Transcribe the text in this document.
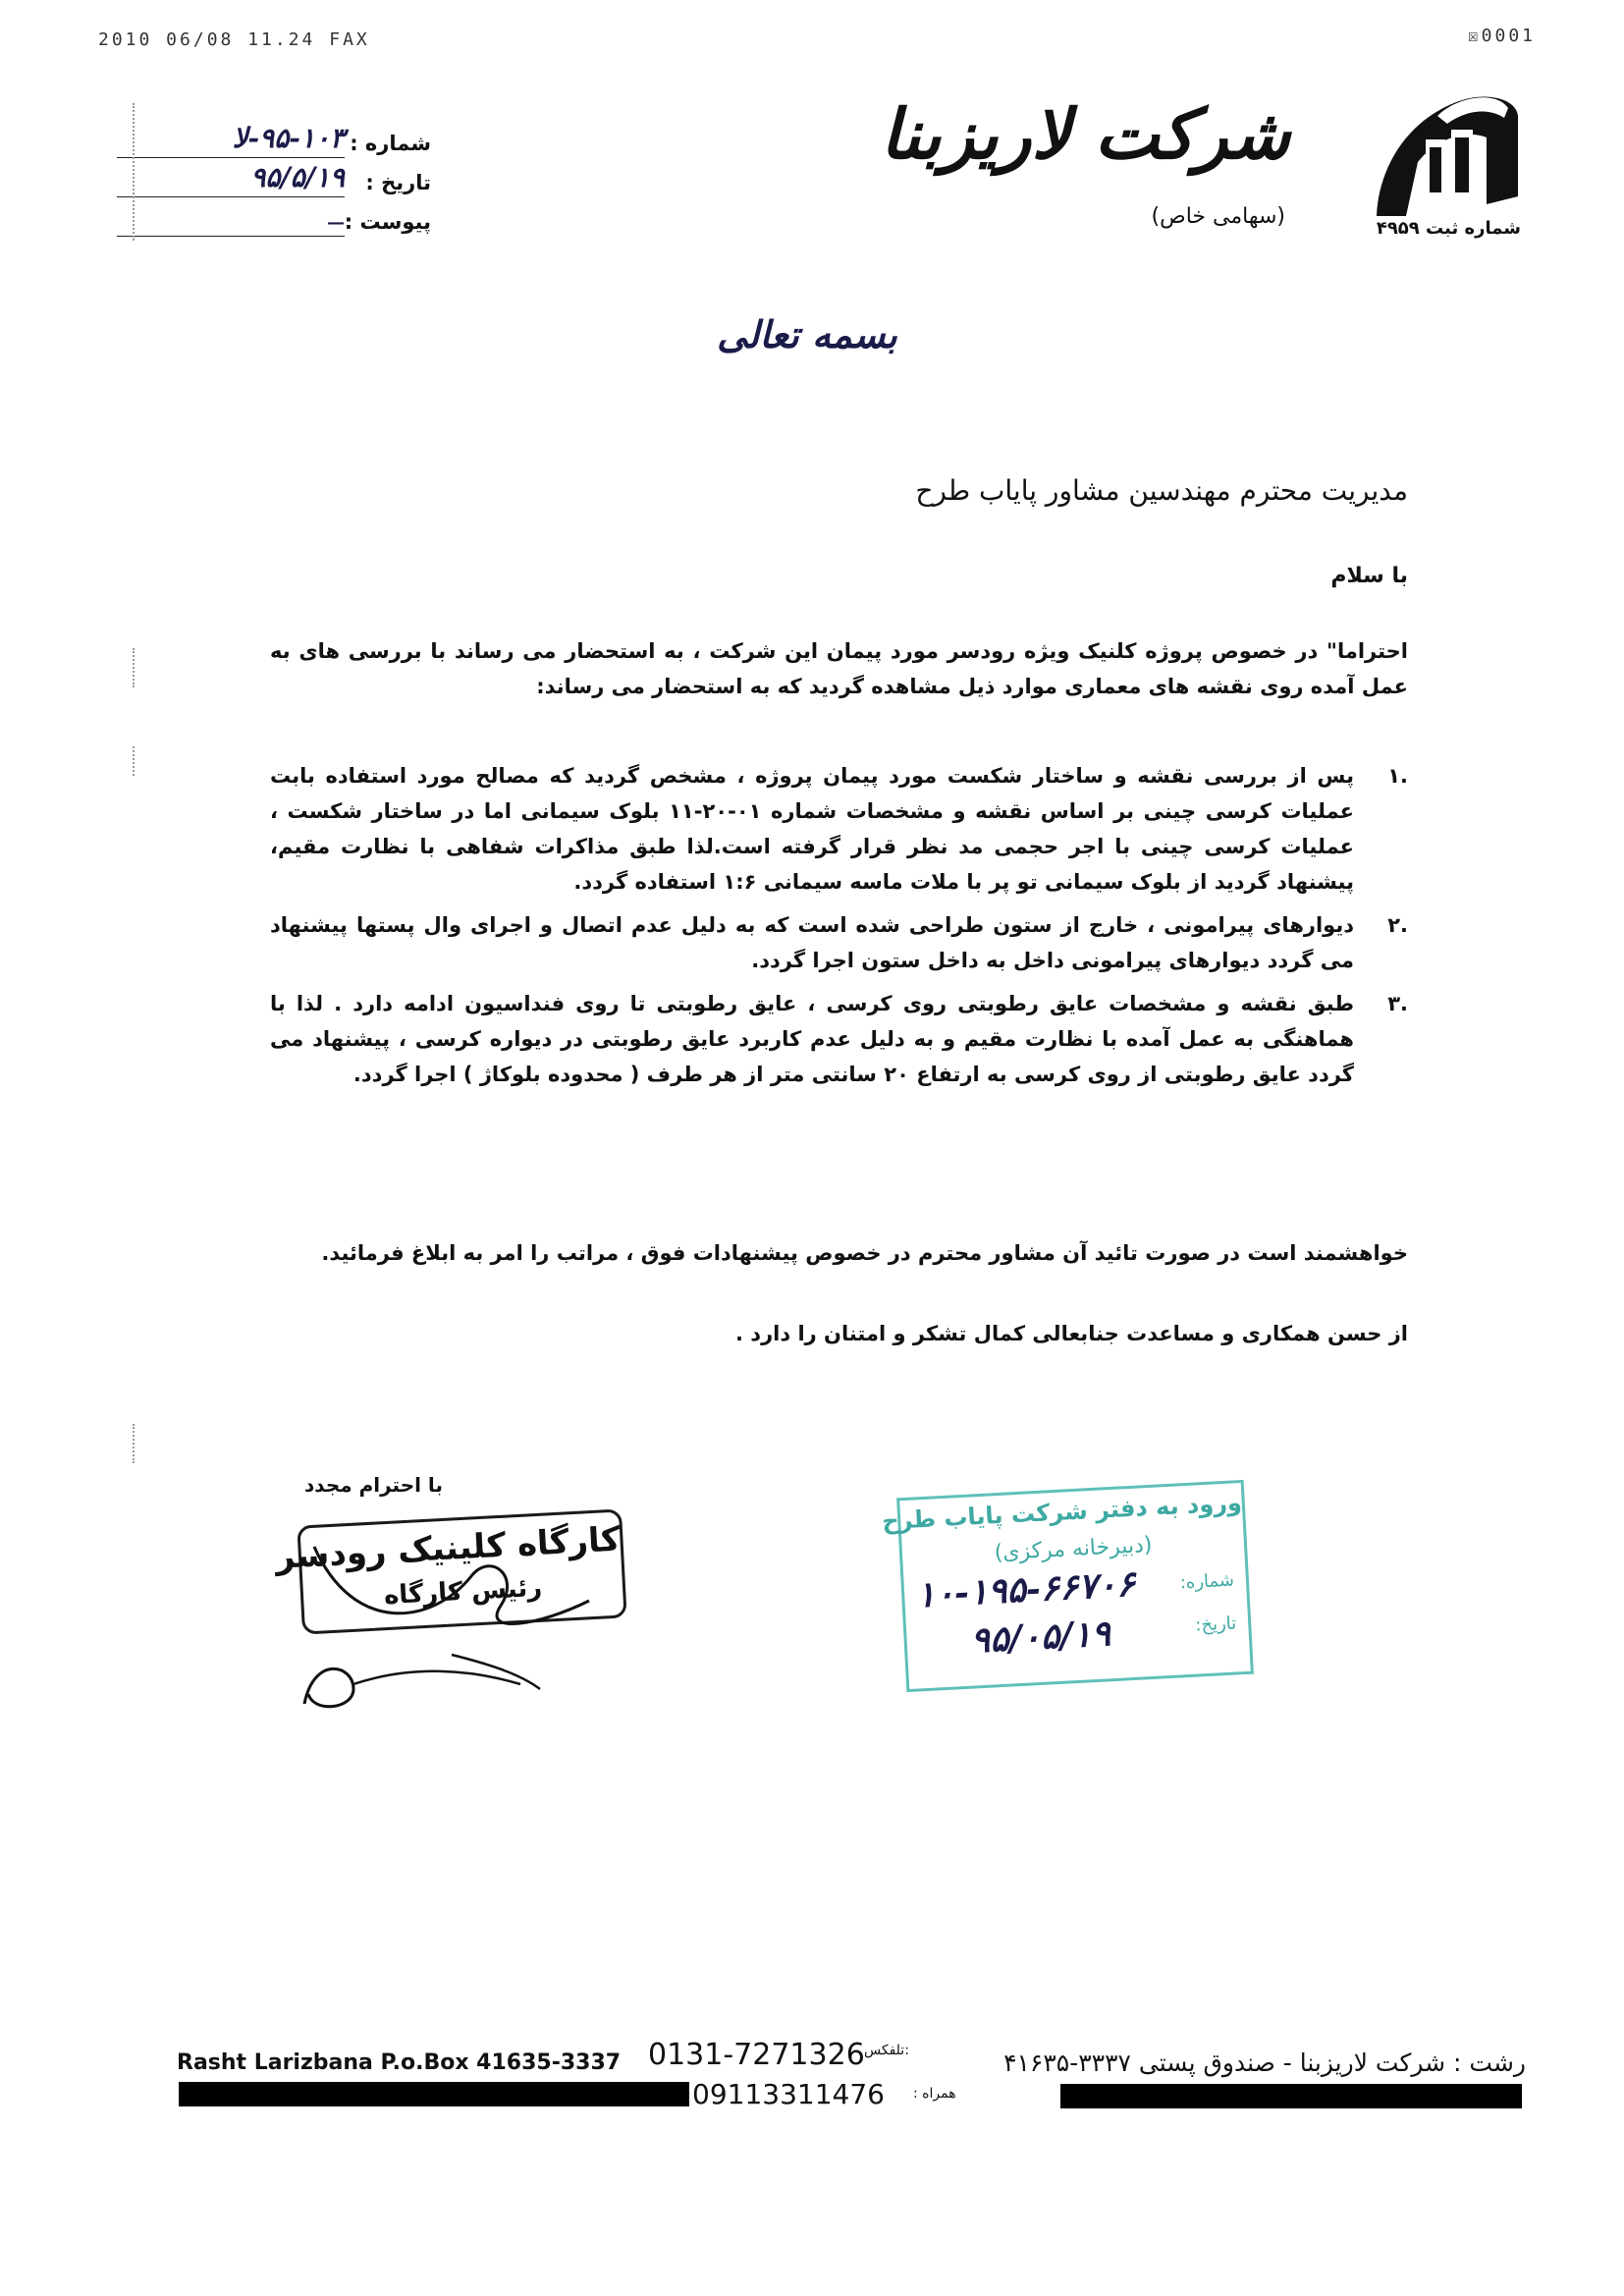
2010 06/08 11.24 FAX	☒0001
شماره ثبت ۴۹۵۹
شرکت لاریزبنا
(سهامی خاص)
شماره :
۹۵-۱۰۳-لا
تاریخ :
۹۵/۵/۱۹
پیوست :
—
بسمه تعالی
مدیریت محترم مهندسین مشاور پایاب طرح
با سلام
احتراما" در خصوص پروژه کلنیک ویژه رودسر مورد پیمان این شرکت ، به استحضار می رساند با بررسی های به عمل آمده روی نقشه های معماری موارد ذیل مشاهده گردید که به استحضار می رساند:
.۱
پس از بررسی نقشه و ساختار شکست مورد پیمان پروژه ، مشخص گردید که مصالح مورد استفاده بابت عملیات کرسی چینی بر اساس نقشه و مشخصات شماره ۰۱-۲۰-۱۱ بلوک سیمانی اما در ساختار شکست ، عملیات کرسی چینی با اجر حجمی مد نظر قرار گرفته است.لذا طبق مذاکرات شفاهی با نظارت مقیم، پیشنهاد گردید از بلوک سیمانی تو پر با ملات ماسه سیمانی ۱:۶ استفاده گردد.
.۲
دیوارهای پیرامونی ، خارج از ستون طراحی شده است که به دلیل عدم اتصال و اجرای وال پستها پیشنهاد می گردد دیوارهای پیرامونی داخل به داخل ستون اجرا گردد.
.۳
طبق نقشه و مشخصات عایق رطوبتی روی کرسی ، عایق رطوبتی تا روی فنداسیون ادامه دارد . لذا با هماهنگی به عمل آمده با نظارت مقیم و به دلیل عدم کاربرد عایق رطوبتی در دیواره کرسی ، پیشنهاد می گردد عایق رطوبتی از روی کرسی به ارتفاع ۲۰ سانتی متر از هر طرف ( محدوده بلوکاژ ) اجرا گردد.
خواهشمند است در صورت تائید آن مشاور محترم در خصوص پیشنهادات فوق ، مراتب را امر به ابلاغ فرمائید.
از حسن همکاری و مساعدت جنابعالی کمال تشکر و امتنان را دارد .
با احترام مجدد
کارگاه کلینیک رودسر
رئیس کارگاه
ورود به دفتر شرکت پایاب طرح
(دبیرخانه مرکزی)
شماره:
۱۰-۱۹۵-۶۶۷۰۶
تاریخ:
۹۵/۰۵/۱۹
Rasht Larizbana P.o.Box 41635-3337 0131-7271326 :تلفکس
09113311476 همراه :
رشت : شرکت لاریزبنا - صندوق پستی ۳۳۳۷-۴۱۶۳۵
